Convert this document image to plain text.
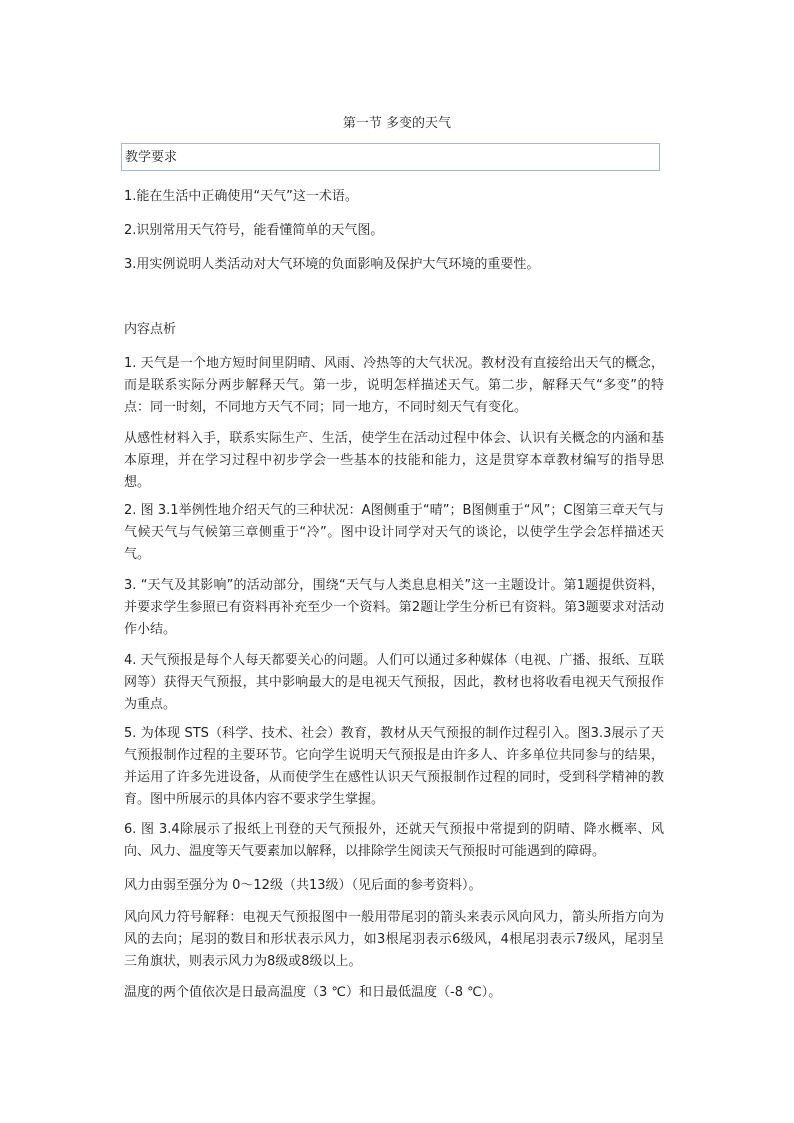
第一节 多变的天气
教学要求

1.能在生活中正确使用“天气”这一术语。

2.识别常用天气符号，能看懂简单的天气图。

3.用实例说明人类活动对大气环境的负面影响及保护大气环境的重要性。

内容点析

1. 天气是一个地方短时间里阴晴、风雨、冷热等的大气状况。教材没有直接给出天气的概念，而是联系实际分两步解释天气。第一步，说明怎样描述天气。第二步，解释天气“多变”的特点：同一时刻，不同地方天气不同；同一地方，不同时刻天气有变化。

从感性材料入手，联系实际生产、生活，使学生在活动过程中体会、认识有关概念的内涵和基本原理，并在学习过程中初步学会一些基本的技能和能力，这是贯穿本章教材编写的指导思想。

2. 图 3.1举例性地介绍天气的三种状况：A图侧重于“晴”；B图侧重于“风”；C图第三章天气与气候天气与气候第三章侧重于“冷”。图中设计同学对天气的谈论，以使学生学会怎样描述天气。

3. “天气及其影响”的活动部分，围绕“天气与人类息息相关”这一主题设计。第1题提供资料，并要求学生参照已有资料再补充至少一个资料。第2题让学生分析已有资料。第3题要求对活动作小结。

4. 天气预报是每个人每天都要关心的问题。人们可以通过多种媒体（电视、广播、报纸、互联网等）获得天气预报，其中影响最大的是电视天气预报，因此，教材也将收看电视天气预报作为重点。

5. 为体现 STS（科学、技术、社会）教育，教材从天气预报的制作过程引入。图3.3展示了天气预报制作过程的主要环节。它向学生说明天气预报是由许多人、许多单位共同参与的结果，并运用了许多先进设备，从而使学生在感性认识天气预报制作过程的同时，受到科学精神的教育。图中所展示的具体内容不要求学生掌握。

6. 图 3.4除展示了报纸上刊登的天气预报外，还就天气预报中常提到的阴晴、降水概率、风向、风力、温度等天气要素加以解释，以排除学生阅读天气预报时可能遇到的障碍。

风力由弱至强分为 0～12级（共13级）（见后面的参考资料）。

风向风力符号解释：电视天气预报图中一般用带尾羽的箭头来表示风向风力，箭头所指方向为风的去向；尾羽的数目和形状表示风力，如3根尾羽表示6级风，4根尾羽表示7级风，尾羽呈三角旗状，则表示风力为8级或8级以上。

温度的两个值依次是日最高温度（3 ℃）和日最低温度（-8 ℃）。
